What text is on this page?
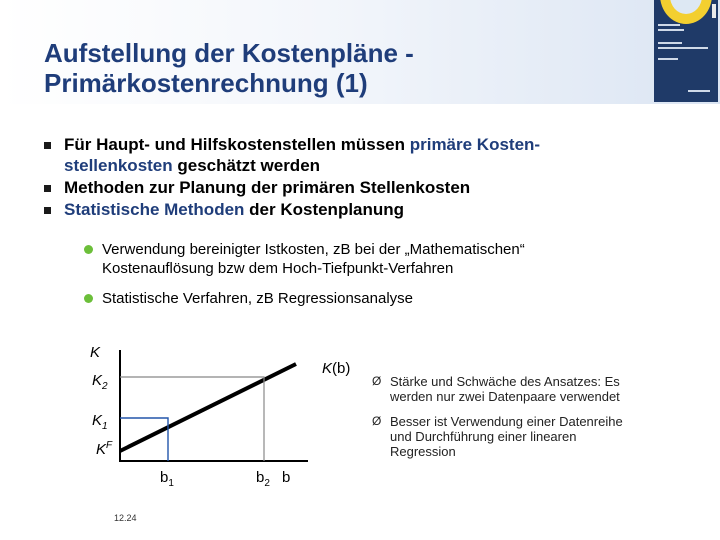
Aufstellung der Kostenpläne -
Primärkostenrechnung (1)
Für Haupt- und Hilfskostenstellen müssen primäre Kosten-
stellenkosten geschätzt werden
Methoden zur Planung der primären Stellenkosten
Statistische Methoden der Kostenplanung
Verwendung bereinigter Istkosten, zB bei der „Mathematischen“
Kostenauflösung bzw dem Hoch-Tiefpunkt-Verfahren
Statistische Verfahren, zB Regressionsanalyse
K
$K_2$
$K_1$
$K^F$
K(b)
$b_1$	$b_2$ b
Ø Stärke und Schwäche des Ansatzes: Es
werden nur zwei Datenpaare verwendet
Ø Besser ist Verwendung einer Datenreihe
und Durchführung einer linearen
Regression
12.24
